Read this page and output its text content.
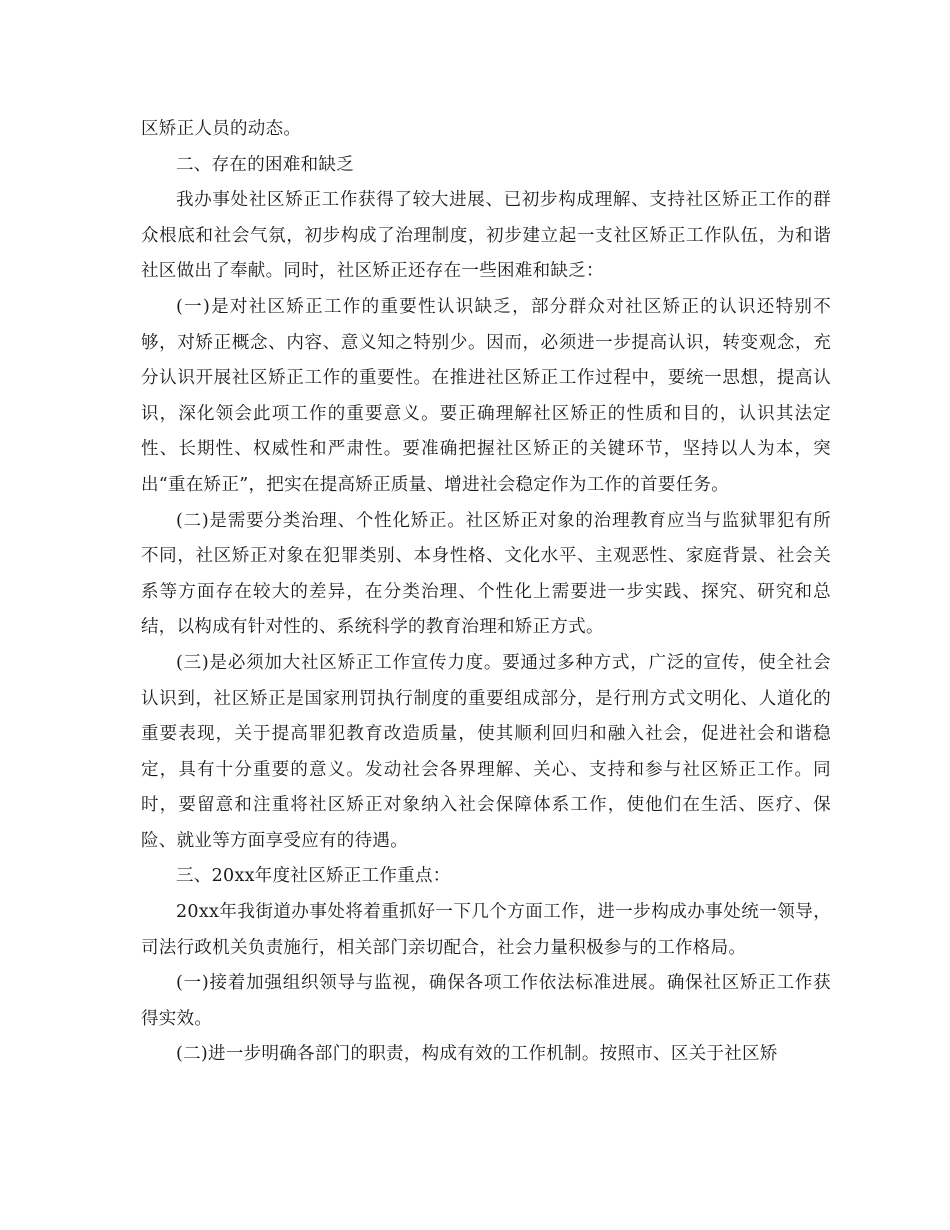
区矫正人员的动态。

二、存在的困难和缺乏

我办事处社区矫正工作获得了较大进展、已初步构成理解、支持社区矫正工作的群众根底和社会气氛，初步构成了治理制度，初步建立起一支社区矫正工作队伍，为和谐社区做出了奉献。同时，社区矫正还存在一些困难和缺乏：

(一)是对社区矫正工作的重要性认识缺乏，部分群众对社区矫正的认识还特别不够，对矫正概念、内容、意义知之特别少。因而，必须进一步提高认识，转变观念，充分认识开展社区矫正工作的重要性。在推进社区矫正工作过程中，要统一思想，提高认识，深化领会此项工作的重要意义。要正确理解社区矫正的性质和目的，认识其法定性、长期性、权威性和严肃性。要准确把握社区矫正的关键环节，坚持以人为本，突出“重在矫正”，把实在提高矫正质量、增进社会稳定作为工作的首要任务。

(二)是需要分类治理、个性化矫正。社区矫正对象的治理教育应当与监狱罪犯有所不同，社区矫正对象在犯罪类别、本身性格、文化水平、主观恶性、家庭背景、社会关系等方面存在较大的差异，在分类治理、个性化上需要进一步实践、探究、研究和总结，以构成有针对性的、系统科学的教育治理和矫正方式。

(三)是必须加大社区矫正工作宣传力度。要通过多种方式，广泛的宣传，使全社会认识到，社区矫正是国家刑罚执行制度的重要组成部分，是行刑方式文明化、人道化的重要表现，关于提高罪犯教育改造质量，使其顺利回归和融入社会，促进社会和谐稳定，具有十分重要的意义。发动社会各界理解、关心、支持和参与社区矫正工作。同时，要留意和注重将社区矫正对象纳入社会保障体系工作，使他们在生活、医疗、保险、就业等方面享受应有的待遇。

三、20xx年度社区矫正工作重点：

20xx年我街道办事处将着重抓好一下几个方面工作，进一步构成办事处统一领导，司法行政机关负责施行，相关部门亲切配合，社会力量积极参与的工作格局。

(一)接着加强组织领导与监视，确保各项工作依法标准进展。确保社区矫正工作获得实效。

(二)进一步明确各部门的职责，构成有效的工作机制。按照市、区关于社区矫
